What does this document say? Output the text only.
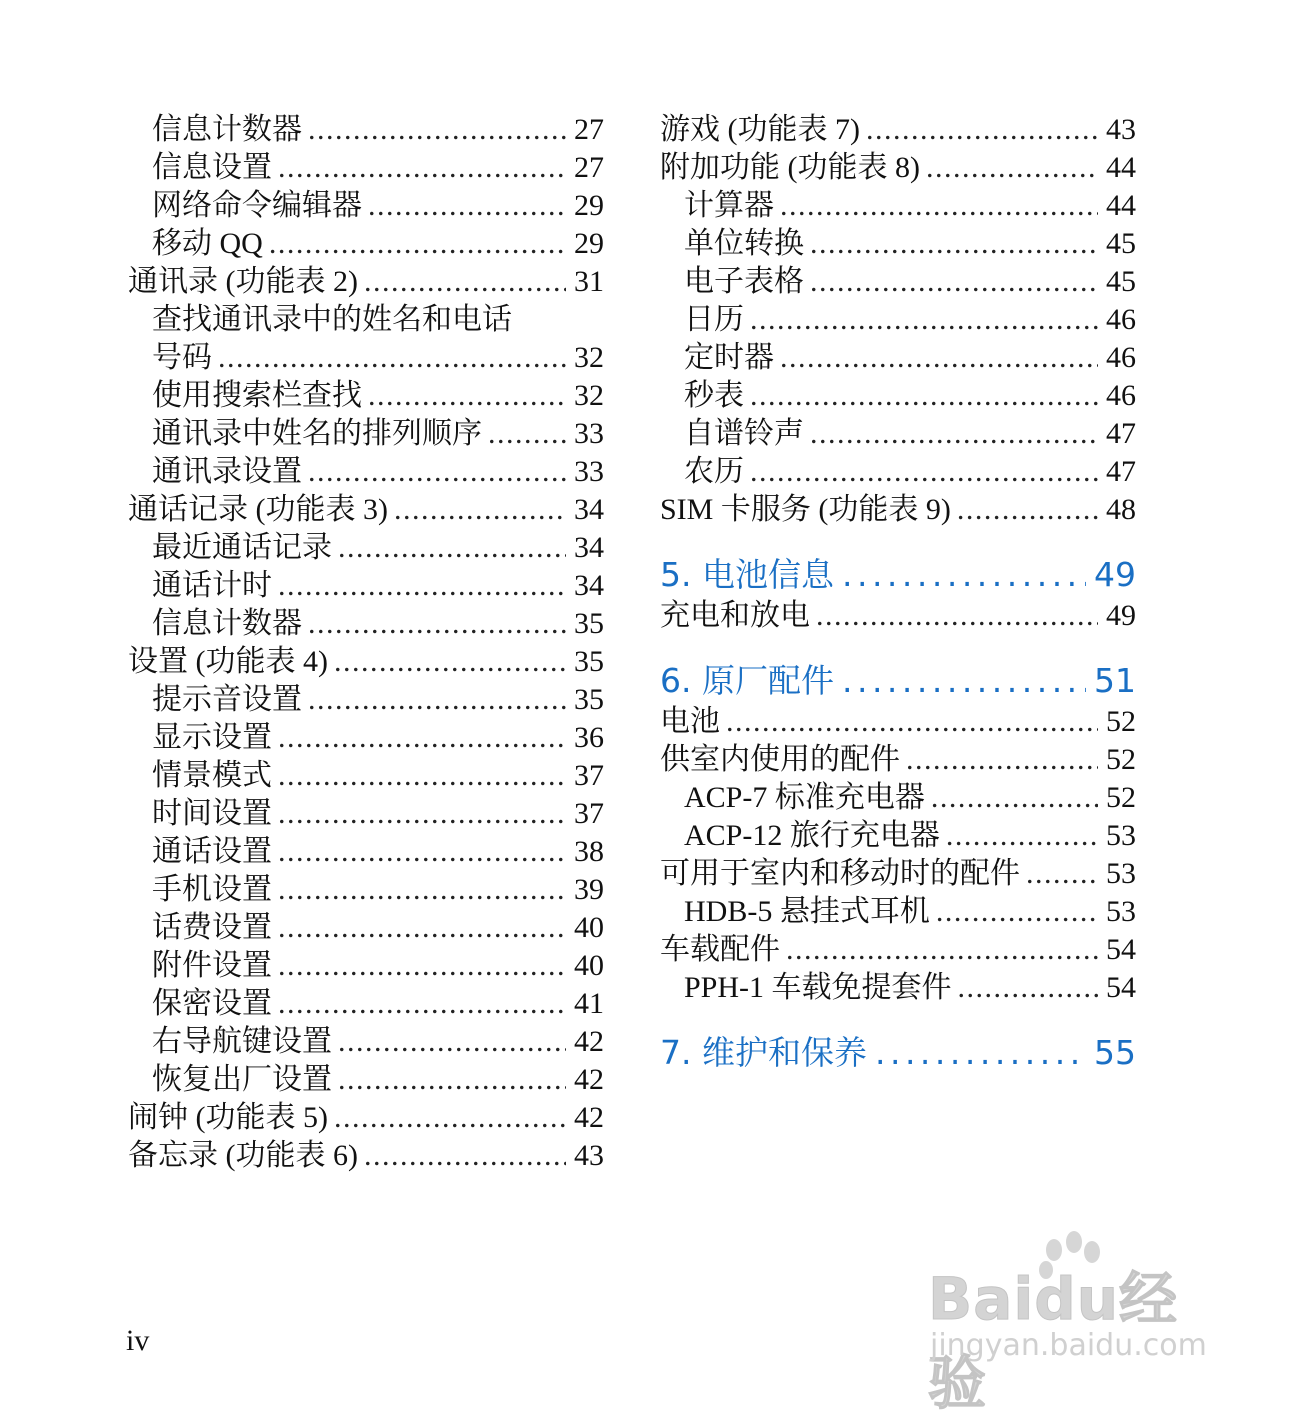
信息计数器 . . .	27
信息设置 . . .	27
网络命令编辑器 . . .	29
移动 QQ . . .	29
通讯录 (功能表 2) . . .	31
查找通讯录中的姓名和电话
号码 . . .	32
使用搜索栏查找 . . .	32
通讯录中姓名的排列顺序 . . .	33
通讯录设置 . . .	33
通话记录 (功能表 3) . . .	34
最近通话记录 . . .	34
通话计时 . . .	34
信息计数器 . . .	35
设置 (功能表 4) . . .	35
提示音设置 . . .	35
显示设置 . . .	36
情景模式 . . .	37
时间设置 . . .	37
通话设置 . . .	38
手机设置 . . .	39
话费设置 . . .	40
附件设置 . . .	40
保密设置 . . .	41
右导航键设置 . . .	42
恢复出厂设置 . . .	42
闹钟 (功能表 5) . . .	42
备忘录 (功能表 6) . . .	43
游戏 (功能表 7) . . .	43
附加功能 (功能表 8) . . .	44
计算器 . . .	44
单位转换 . . .	45
电子表格 . . .	45
日历 . . .	46
定时器 . . .	46
秒表 . . .	46
自谱铃声 . . .	47
农历 . . .	47
SIM 卡服务 (功能表 9) . . .	48
5. 电池信息 . . .	49
充电和放电 . . .	49
6. 原厂配件 . . .	51
电池 . . .	52
供室内使用的配件 . . .	52
ACP-7 标准充电器 . . .	52
ACP-12 旅行充电器 . . .	53
可用于室内和移动时的配件 . . .	53
HDB-5 悬挂式耳机 . . .	53
车载配件 . . .	54
PPH-1 车载免提套件 . . .	54
7. 维护和保养 . . .	55
iv
Baidu经验
jingyan.baidu.com
